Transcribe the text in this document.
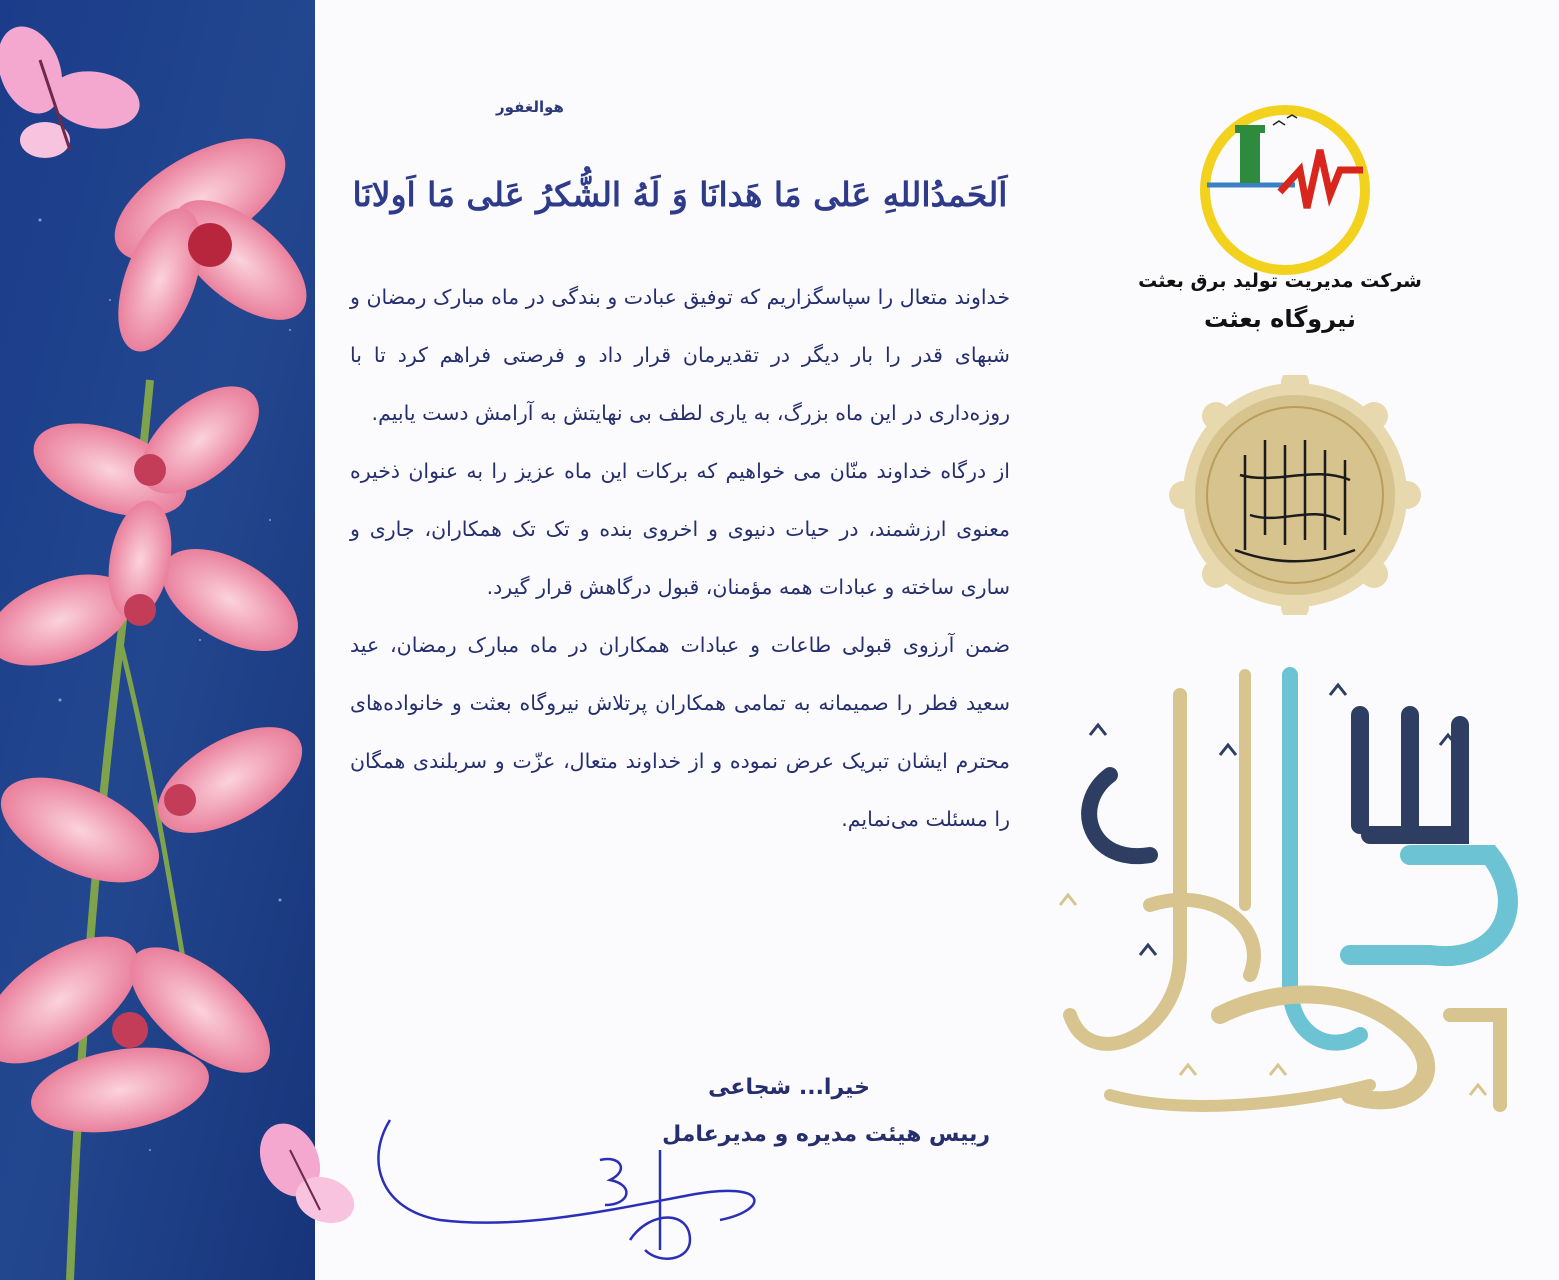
هوالغفور
اَلحَمدُاللهِ عَلی مَا هَدانَا وَ لَهُ الشُّکرُ عَلی مَا اَولانَا

خداوند متعال را سپاسگزاریم که توفیق عبادت و بندگی در ماه مبارک رمضان و شبهای قدر را بار دیگر در تقدیرمان قرار داد و فرصتی فراهم کرد تا با روزه‌داری در این ماه بزرگ، به یاری لطف بی نهایتش به آرامش دست یابیم.

از درگاه خداوند منّان می خواهیم که برکات این ماه عزیز را به عنوان ذخیره معنوی ارزشمند، در حیات دنیوی و اخروی بنده و تک تک همکاران، جاری و ساری ساخته و عبادات همه مؤمنان، قبول درگاهش قرار گیرد.

ضمن آرزوی قبولی طاعات و عبادات همکاران در ماه مبارک رمضان، عید سعید فطر را صمیمانه به تمامی همکاران پرتلاش نیروگاه بعثت و خانواده‌های محترم ایشان تبریک عرض نموده و از خداوند متعال، عزّت و سربلندی همگان را مسئلت می‌نمایم.

خیرا... شجاعی
رییس هیئت مدیره و مدیرعامل
شرکت مدیریت تولید برق بعثت
نیروگاه بعثت
